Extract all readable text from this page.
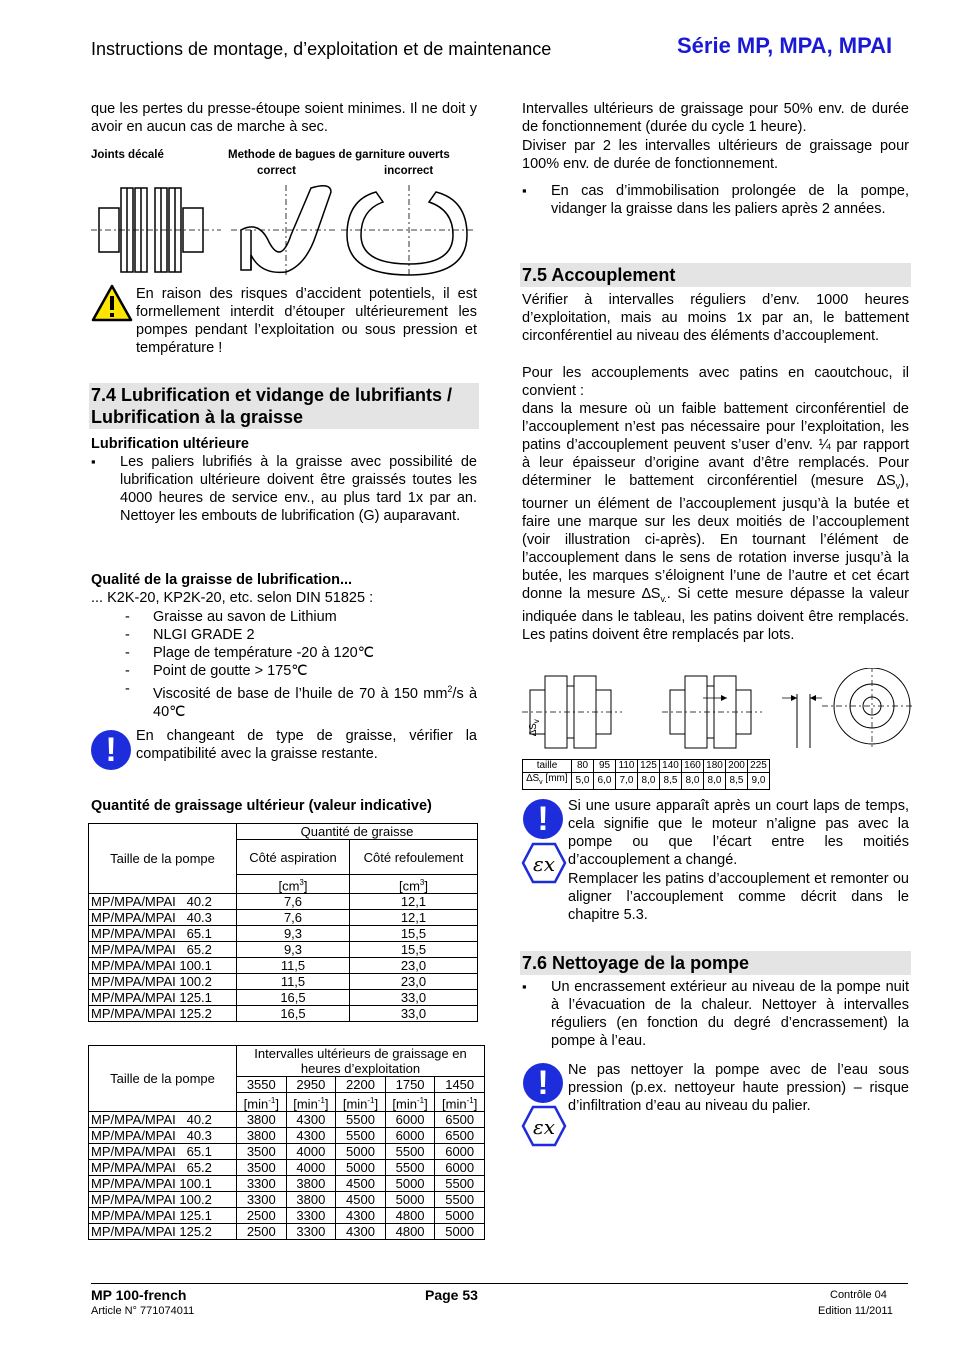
Instructions de montage, d’exploitation et de maintenance	Série MP, MPA, MPAI

que les pertes du presse-étoupe soient minimes. Il ne doit y avoir en aucun cas de marche à sec.

Joints décalé	Methode de bagues de garniture ouverts
correct	incorrect

En raison des risques d’accident potentiels, il est formellement interdit d’étouper ultérieurement les pompes pendant l’exploitation ou sous pression et température !

7.4 Lubrification et vidange de lubrifiants / Lubrification à la graisse
Lubrification ultérieure
▪ Les paliers lubrifiés à la graisse avec possibilité de lubrification ultérieure doivent être graissés toutes les 4000 heures de service env., au plus tard 1x par an. Nettoyer les embouts de lubrification (G) auparavant.
Qualité de la graisse de lubrification...
... K2K-20, KP2K-20, etc. selon DIN 51825 :
- Graisse au savon de Lithium
- NLGI GRADE 2
- Plage de température -20 à 120℃
- Point de goutte > 175℃
- Viscosité de base de l’huile de 70 à 150 $mm^2/s$ à 40℃
!	En changeant de type de graisse, vérifier la compatibilité avec la graisse restante.

Quantité de graissage ultérieur (valeur indicative)
Taille de la pompe	Quantité de graisse	
	Côté aspiration	Côté refoulement
	$[cm^3]$	$[cm^3]$
MP/MPA/MPAI   40.2	7,6	12,1
MP/MPA/MPAI   40.3	7,6	12,1
MP/MPA/MPAI   65.1	9,3	15,5
MP/MPA/MPAI   65.2	9,3	15,5
MP/MPA/MPAI 100.1	11,5	23,0
MP/MPA/MPAI 100.2	11,5	23,0
MP/MPA/MPAI 125.1	16,5	33,0
MP/MPA/MPAI 125.2	16,5	33,0
Taille de la pompe	Intervalles ultérieurs de graissage en heures d’exploitation				
	3550	2950	2200	1750	1450
	$[\min^{-1}]$	$[\min^{-1}]$	$[\min^{-1}]$	$[\min^{-1}]$	$[\min^{-1}]$
MP/MPA/MPAI   40.2	3800	4300	5500	6000	6500
MP/MPA/MPAI   40.3	3800	4300	5500	6000	6500
MP/MPA/MPAI   65.1	3500	4000	5000	5500	6000
MP/MPA/MPAI   65.2	3500	4000	5000	5500	6000
MP/MPA/MPAI 100.1	3300	3800	4500	5000	5500
MP/MPA/MPAI 100.2	3300	3800	4500	5000	5500
MP/MPA/MPAI 125.1	2500	3300	4300	4800	5000
MP/MPA/MPAI 125.2	2500	3300	4300	4800	5000

Intervalles ultérieurs de graissage pour 50% env. de durée de fonctionnement (durée du cycle 1 heure).

Diviser par 2 les intervalles ultérieurs de graissage pour 100% env. de durée de fonctionnement.

▪ En cas d’immobilisation prolongée de la pompe, vidanger la graisse dans les paliers après 2 années.
7.5 Accouplement

Vérifier à intervalles réguliers d’env. 1000 heures d’exploitation, mais au moins 1x par an, le battement circonférentiel au niveau des éléments d’accouplement.

Pour les accouplements avec patins en caoutchouc, il convient :

dans la mesure où un faible battement circonférentiel de l’accouplement n’est pas nécessaire pour l’exploitation, les patins d’accouplement peuvent s’user d’env. ¼ par rapport à leur épaisseur d’origine avant d’être remplacés. Pour déterminer le battement circonférentiel (mesure $\Delta S_v$), tourner un élément de l’accouplement jusqu’à la butée et faire une marque sur les deux moitiés de l’accouplement (voir illustration ci-après). En tournant l’élément de l’accouplement dans le sens de rotation inverse jusqu’à la butée, les marques s’éloignent l’une de l’autre et cet écart donne la mesure $\Delta S_{v.}$. Si cette mesure dépasse la valeur indiquée dans le tableau, les patins doivent être remplacés. Les patins doivent être remplacés par lots.

$\Delta S_v$
taille	80	95	110	125	140	160	180	200	225
$\Delta S_v$ [mm]	5,0	6,0	7,0	8,0	8,5	8,0	8,0	8,5	9,0
!
εx

Si une usure apparaît après un court laps de temps, cela signifie que le moteur n’aligne pas avec la pompe ou que l’écart entre les moitiés d’accouplement a changé.

Remplacer les patins d’accouplement et remonter ou aligner l’accouplement comme décrit dans le chapitre 5.3.

7.6 Nettoyage de la pompe
▪ Un encrassement extérieur au niveau de la pompe nuit à l’évacuation de la chaleur. Nettoyer à intervalles réguliers (en fonction du degré d’encrassement) la pompe à l’eau.
!
εx

Ne pas nettoyer la pompe avec de l’eau sous pression (p.ex. nettoyeur haute pression) – risque d’infiltration d’eau au niveau du palier.

MP 100-french
Article N° 771074011
Page 53	Contrôle 04
Edition 11/2011
